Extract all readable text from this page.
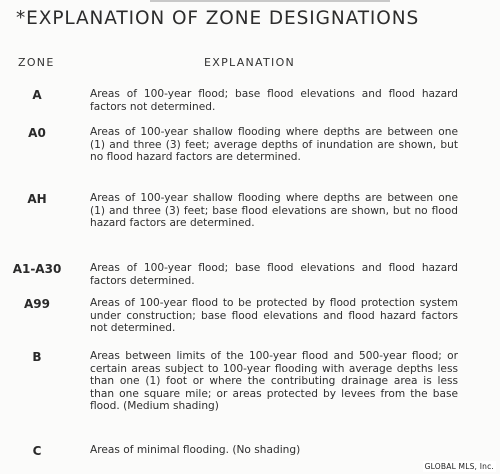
*EXPLANATION OF ZONE DESIGNATIONS
ZONE	EXPLANATION
A	Areas of 100-year flood; base flood elevations and flood hazard factors not determined.
A0	Areas of 100-year shallow flooding where depths are between one (1) and three (3) feet; average depths of inundation are shown, but no flood hazard factors are determined.
AH	Areas of 100-year shallow flooding where depths are between one (1) and three (3) feet; base flood elevations are shown, but no flood hazard factors are determined.
A1-A30	Areas of 100-year flood; base flood elevations and flood hazard factors determined.
A99	Areas of 100-year flood to be protected by flood protection system under construction; base flood elevations and flood hazard factors not determined.
B	Areas between limits of the 100-year flood and 500-year flood; or certain areas subject to 100-year flooding with average depths less than one (1) foot or where the contributing drainage area is less than one square mile; or areas protected by levees from the base flood. (Medium shading)
C	Areas of minimal flooding. (No shading)
GLOBAL MLS, Inc.
